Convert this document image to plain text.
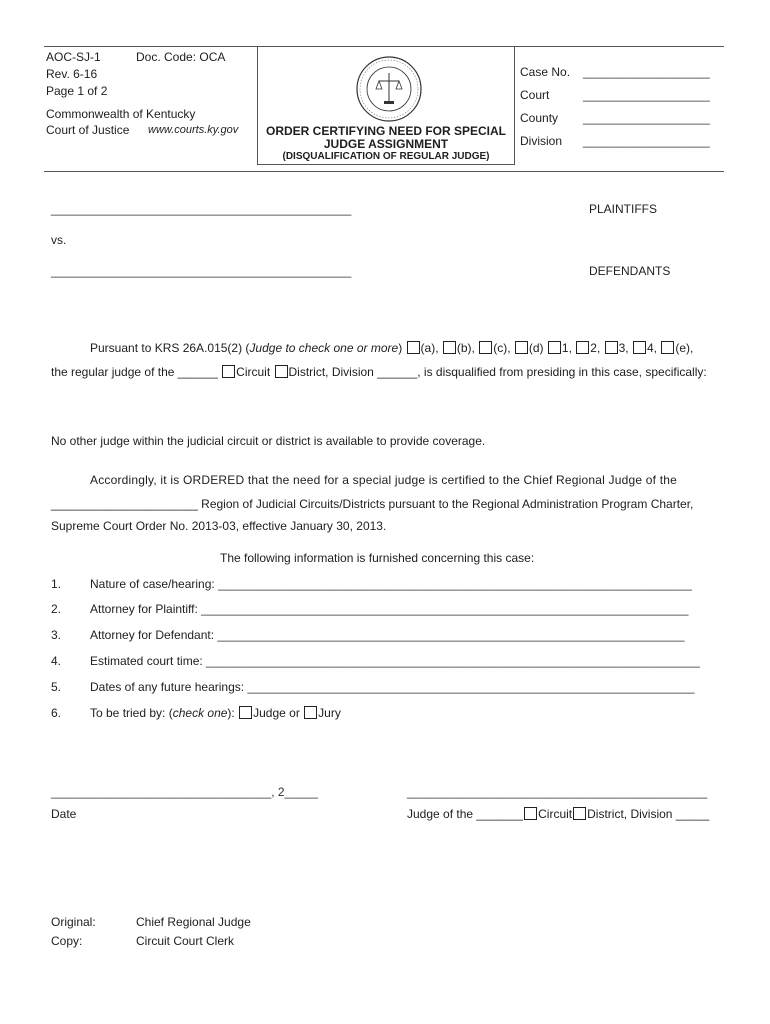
AOC-SJ-1	Doc. Code: OCA
Rev. 6-16
Page 1 of 2
Commonwealth of Kentucky
Court of Justice www.courts.ky.gov	ORDER CERTIFYING NEED FOR SPECIAL
JUDGE ASSIGNMENT
(DISQUALIFICATION OF REGULAR JUDGE)
Case No. ___________________
Court	___________________
County ___________________
Division ___________________
_____________________________________________	PLAINTIFFS
vs.
_____________________________________________	DEFENDANTS
Pursuant to KRS 26A.015(2) (Judge to check one or more) (a), (b), (c), (d) 1, 2, 3, 4, (e),
the regular judge of the ______ Circuit District, Division ______, is disqualified from presiding in this case, specifically:
No other judge within the judicial circuit or district is available to provide coverage.
Accordingly, it is ORDERED that the need for a special judge is certified to the Chief Regional Judge of the
______________________ Region of Judicial Circuits/Districts pursuant to the Regional Administration Program Charter,
Supreme Court Order No. 2013-03, effective January 30, 2013.
The following information is furnished concerning this case:
1. Nature of case/hearing: _______________________________________________________________________
2. Attorney for Plaintiff: _________________________________________________________________________
3. Attorney for Defendant: ______________________________________________________________________
4. Estimated court time: __________________________________________________________________________
5. Dates of any future hearings: ___________________________________________________________________
6. To be tried by: (check one): Judge or Jury
_________________________________, 2_____
Date
_____________________________________________
Judge of the _______ Circuit District, Division _____
Original:	Chief Regional Judge
Copy:	Circuit Court Clerk
